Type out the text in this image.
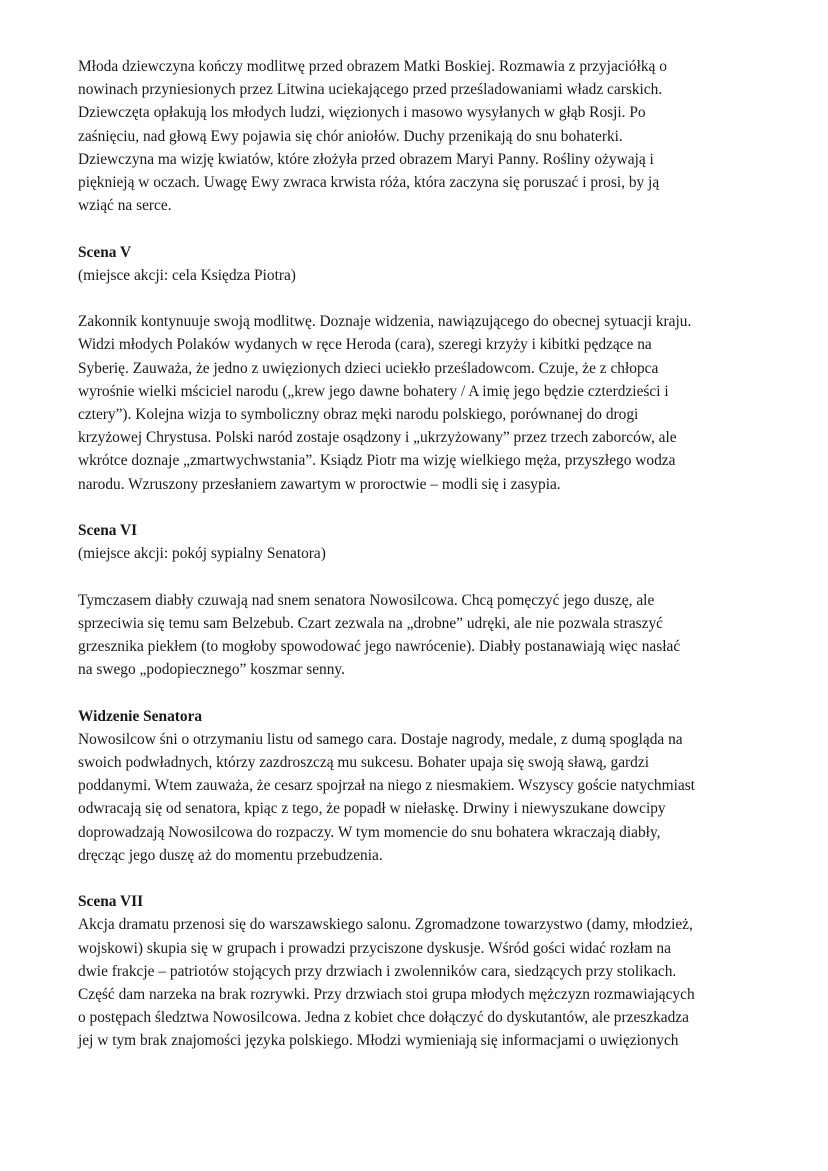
Młoda dziewczyna kończy modlitwę przed obrazem Matki Boskiej. Rozmawia z przyjaciółką o
nowinach przyniesionych przez Litwina uciekającego przed prześladowaniami władz carskich.
Dziewczęta opłakują los młodych ludzi, więzionych i masowo wysyłanych w głąb Rosji. Po
zaśnięciu, nad głową Ewy pojawia się chór aniołów. Duchy przenikają do snu bohaterki.
Dziewczyna ma wizję kwiatów, które złożyła przed obrazem Maryi Panny. Rośliny ożywają i
pięknieją w oczach. Uwagę Ewy zwraca krwista róża, która zaczyna się poruszać i prosi, by ją
wziąć na serce.

Scena V

(miejsce akcji: cela Księdza Piotra)

Zakonnik kontynuuje swoją modlitwę. Doznaje widzenia, nawiązującego do obecnej sytuacji kraju.
Widzi młodych Polaków wydanych w ręce Heroda (cara), szeregi krzyży i kibitki pędzące na
Syberię. Zauważa, że jedno z uwięzionych dzieci uciekło prześladowcom. Czuje, że z chłopca
wyrośnie wielki mściciel narodu („krew jego dawne bohatery / A imię jego będzie czterdzieści i
cztery”). Kolejna wizja to symboliczny obraz męki narodu polskiego, porównanej do drogi
krzyżowej Chrystusa. Polski naród zostaje osądzony i „ukrzyżowany” przez trzech zaborców, ale
wkrótce doznaje „zmartwychwstania”. Ksiądz Piotr ma wizję wielkiego męża, przyszłego wodza
narodu. Wzruszony przesłaniem zawartym w proroctwie – modli się i zasypia.

Scena VI

(miejsce akcji: pokój sypialny Senatora)

Tymczasem diabły czuwają nad snem senatora Nowosilcowa. Chcą pomęczyć jego duszę, ale
sprzeciwia się temu sam Belzebub. Czart zezwala na „drobne” udręki, ale nie pozwala straszyć
grzesznika piekłem (to mogłoby spowodować jego nawrócenie). Diabły postanawiają więc nasłać
na swego „podopiecznego” koszmar senny.

Widzenie Senatora

Nowosilcow śni o otrzymaniu listu od samego cara. Dostaje nagrody, medale, z dumą spogląda na
swoich podwładnych, którzy zazdroszczą mu sukcesu. Bohater upaja się swoją sławą, gardzi
poddanymi. Wtem zauważa, że cesarz spojrzał na niego z niesmakiem. Wszyscy goście natychmiast
odwracają się od senatora, kpiąc z tego, że popadł w niełaskę. Drwiny i niewyszukane dowcipy
doprowadzają Nowosilcowa do rozpaczy. W tym momencie do snu bohatera wkraczają diabły,
dręcząc jego duszę aż do momentu przebudzenia.

Scena VII

Akcja dramatu przenosi się do warszawskiego salonu. Zgromadzone towarzystwo (damy, młodzież,
wojskowi) skupia się w grupach i prowadzi przyciszone dyskusje. Wśród gości widać rozłam na
dwie frakcje – patriotów stojących przy drzwiach i zwolenników cara, siedzących przy stolikach.
Część dam narzeka na brak rozrywki. Przy drzwiach stoi grupa młodych mężczyzn rozmawiających
o postępach śledztwa Nowosilcowa. Jedna z kobiet chce dołączyć do dyskutantów, ale przeszkadza
jej w tym brak znajomości języka polskiego. Młodzi wymieniają się informacjami o uwięzionych
